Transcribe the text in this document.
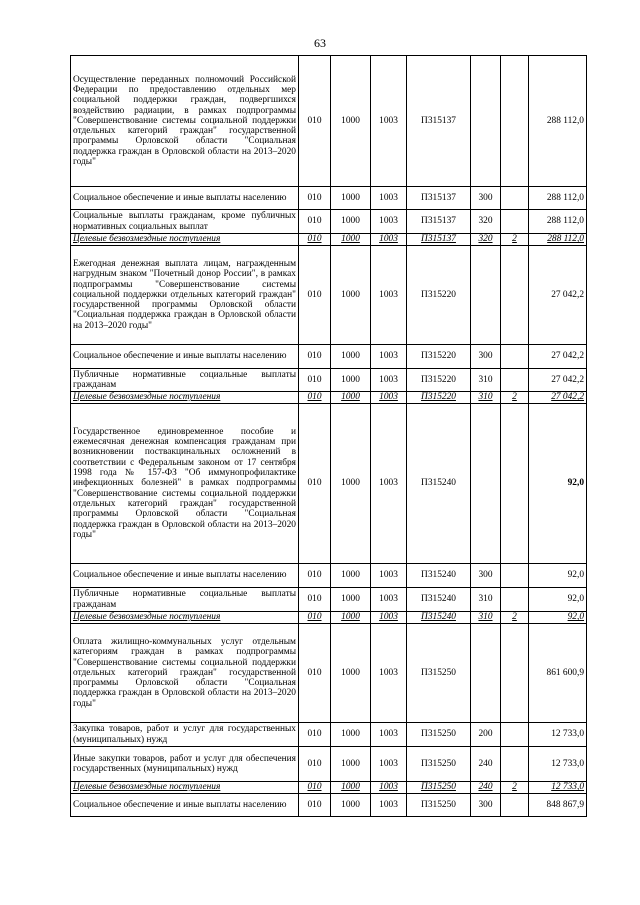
63
Осуществление переданных полномочий Российской Федерации по предоставлению отдельных мер социальной поддержки граждан, подвергшихся воздействию радиации, в рамках подпрограммы "Совершенствование системы социальной поддержки отдельных категорий граждан" государственной программы Орловской области "Социальная поддержка граждан в Орловской области на 2013–2020 годы"	010	1000	1003	П315137			288 112,0
Социальное обеспечение и иные выплаты населению	010	1000	1003	П315137	300		288 112,0
Социальные выплаты гражданам, кроме публичных нормативных социальных выплат	010	1000	1003	П315137	320		288 112,0
Целевые безвозмездные поступления	010	1000	1003	П315137	320	2	288 112,0
Ежегодная денежная выплата лицам, награжденным нагрудным знаком "Почетный донор России", в рамках подпрограммы "Совершенствование системы социальной поддержки отдельных категорий граждан" государственной программы Орловской области "Социальная поддержка граждан в Орловской области на 2013–2020 годы"	010	1000	1003	П315220			27 042,2
Социальное обеспечение и иные выплаты населению	010	1000	1003	П315220	300		27 042,2
Публичные нормативные социальные выплаты гражданам	010	1000	1003	П315220	310		27 042,2
Целевые безвозмездные поступления	010	1000	1003	П315220	310	2	27 042,2
Государственное единовременное пособие и ежемесячная денежная компенсация гражданам при возникновении поствакцинальных осложнений в соответствии с Федеральным законом от 17 сентября 1998 года № 157-ФЗ "Об иммунопрофилактике инфекционных болезней" в рамках подпрограммы "Совершенствование системы социальной поддержки отдельных категорий граждан" государственной программы Орловской области "Социальная поддержка граждан в Орловской области на 2013–2020 годы"	010	1000	1003	П315240			92,0
Социальное обеспечение и иные выплаты населению	010	1000	1003	П315240	300		92,0
Публичные нормативные социальные выплаты гражданам	010	1000	1003	П315240	310		92,0
Целевые безвозмездные поступления	010	1000	1003	П315240	310	2	92,0
Оплата жилищно-коммунальных услуг отдельным категориям граждан в рамках подпрограммы "Совершенствование системы социальной поддержки отдельных категорий граждан" государственной программы Орловской области "Социальная поддержка граждан в Орловской области на 2013–2020 годы"	010	1000	1003	П315250			861 600,9
Закупка товаров, работ и услуг для государственных (муниципальных) нужд	010	1000	1003	П315250	200		12 733,0
Иные закупки товаров, работ и услуг для обеспечения государственных (муниципальных) нужд	010	1000	1003	П315250	240		12 733,0
Целевые безвозмездные поступления	010	1000	1003	П315250	240	2	12 733,0
Социальное обеспечение и иные выплаты населению	010	1000	1003	П315250	300		848 867,9
